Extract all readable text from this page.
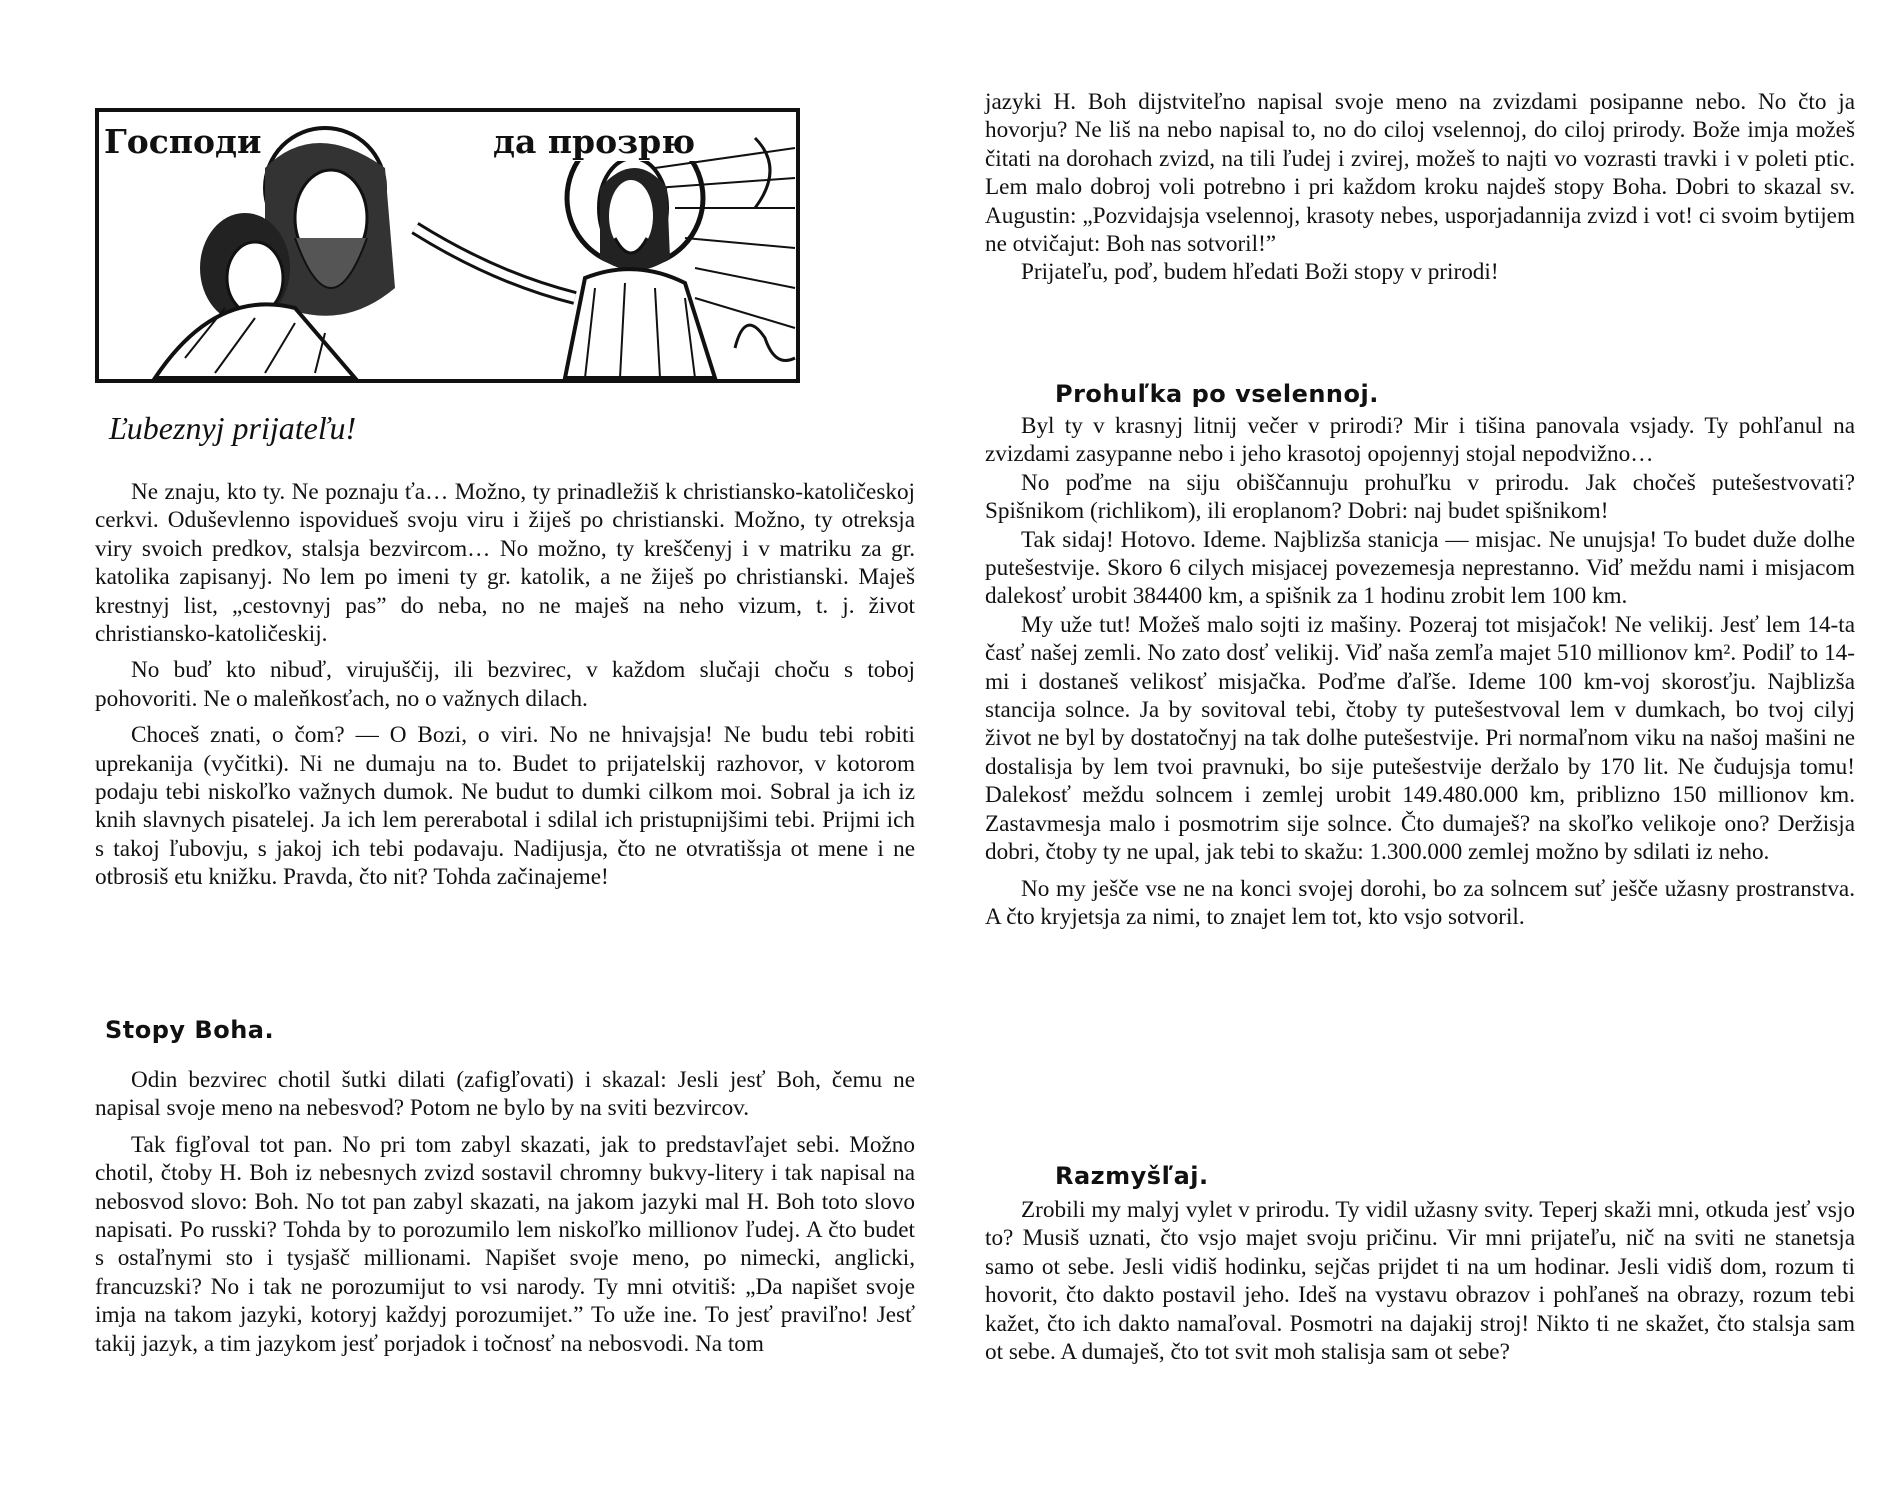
Господи	да прозрю
Ľubeznyj prijateľu!

Ne znaju, kto ty. Ne poznaju ťa… Možno, ty prinadležiš k christiansko-katoličeskoj cerkvi. Oduševlenno ispovidueš svoju viru i žiješ po christianski. Možno, ty otreksja viry svoich predkov, stalsja bezvircom… No možno, ty kreščenyj i v matriku za gr. katolika zapisanyj. No lem po imeni ty gr. katolik, a ne žiješ po christianski. Maješ krestnyj list, „cestovnyj pas” do neba, no ne maješ na neho vizum, t. j. život christiansko-katoličeskij.

No buď kto nibuď, virujuščij, ili bezvirec, v každom slučaji choču s toboj pohovoriti. Ne o maleňkosťach, no o važnych dilach.

Choceš znati, o čom? — O Bozi, o viri. No ne hnivajsja! Ne budu tebi robiti uprekanija (vyčitki). Ni ne dumaju na to. Budet to prijatelskij razhovor, v kotorom podaju tebi niskoľko važnych dumok. Ne budut to dumki cilkom moi. Sobral ja ich iz knih slavnych pisatelej. Ja ich lem pererabotal i sdilal ich pristupnijšimi tebi. Prijmi ich s takoj ľubovju, s jakoj ich tebi podavaju. Nadijusja, čto ne otvratišsja ot mene i ne otbrosiš etu knižku. Pravda, čto nit? Tohda začinajeme!

Stopy Boha.

Odin bezvirec chotil šutki dilati (zafigľovati) i skazal: Jesli jesť Boh, čemu ne napisal svoje meno na nebesvod? Potom ne bylo by na sviti bezvircov.

Tak figľoval tot pan. No pri tom zabyl skazati, jak to predstavľajet sebi. Možno chotil, čtoby H. Boh iz nebesnych zvizd sostavil chromny bukvy-litery i tak napisal na nebosvod slovo: Boh. No tot pan zabyl skazati, na jakom jazyki mal H. Boh toto slovo napisati. Po russki? Tohda by to porozumilo lem niskoľko millionov ľudej. A čto budet s ostaľnymi sto i tysjašč millionami. Napišet svoje meno, po nimecki, anglicki, francuzski? No i tak ne porozumijut to vsi narody. Ty mni otvitiš: „Da napišet svoje imja na takom jazyki, kotoryj každyj porozumijet.” To uže ine. To jesť praviľno! Jesť takij jazyk, a tim jazykom jesť porjadok i točnosť na nebosvodi. Na tom

jazyki H. Boh dijstviteľno napisal svoje meno na zvizdami posipanne nebo. No čto ja hovorju? Ne liš na nebo napisal to, no do ciloj vselennoj, do ciloj prirody. Bože imja možeš čitati na dorohach zvizd, na tili ľudej i zvirej, možeš to najti vo vozrasti travki i v poleti ptic. Lem malo dobroj voli potrebno i pri každom kroku najdeš stopy Boha. Dobri to skazal sv. Augustin: „Pozvidajsja vselennoj, krasoty nebes, usporjadannija zvizd i vot! ci svoim bytijem ne otvičajut: Boh nas sotvoril!”

Prijateľu, poď, budem hľedati Boži stopy v prirodi!

Prohuľka po vselennoj.

Byl ty v krasnyj litnij večer v prirodi? Mir i tišina panovala vsjady. Ty pohľanul na zvizdami zasypanne nebo i jeho krasotoj opojennyj stojal nepodvižno…

No poďme na siju obiščannuju prohuľku v prirodu. Jak chočeš putešestvovati? Spišnikom (richlikom), ili eroplanom? Dobri: naj budet spišnikom!

Tak sidaj! Hotovo. Ideme. Najblizša stanicja — misjac. Ne unujsja! To budet duže dolhe putešestvije. Skoro 6 cilych misjacej povezemesja neprestanno. Viď meždu nami i misjacom dalekosť urobit 384400 km, a spišnik za 1 hodinu zrobit lem 100 km.

My uže tut! Možeš malo sojti iz mašiny. Pozeraj tot misjačok! Ne velikij. Jesť lem 14-ta časť našej zemli. No zato dosť velikij. Viď naša zemľa majet 510 millionov km². Podiľ to 14-mi i dostaneš velikosť misjačka. Poďme ďaľše. Ideme 100 km-voj skorosťju. Najblizša stancija solnce. Ja by sovitoval tebi, čtoby ty putešestvoval lem v dumkach, bo tvoj cilyj život ne byl by dostatočnyj na tak dolhe putešestvije. Pri normaľnom viku na našoj mašini ne dostalisja by lem tvoi pravnuki, bo sije putešestvije deržalo by 170 lit. Ne čudujsja tomu! Dalekosť meždu solncem i zemlej urobit 149.480.000 km, priblizno 150 millionov km. Zastavmesja malo i posmotrim sije solnce. Čto dumaješ? na skoľko velikoje ono? Deržisja dobri, čtoby ty ne upal, jak tebi to skažu: 1.300.000 zemlej možno by sdilati iz neho.

No my ješče vse ne na konci svojej dorohi, bo za solncem suť ješče užasny prostranstva. A čto kryjetsja za nimi, to znajet lem tot, kto vsjo sotvoril.

Razmyšľaj.

Zrobili my malyj vylet v prirodu. Ty vidil užasny svity. Teperj skaži mni, otkuda jesť vsjo to? Musiš uznati, čto vsjo majet svoju pričinu. Vir mni prijateľu, nič na sviti ne stanetsja samo ot sebe. Jesli vidiš hodinku, sejčas prijdet ti na um hodinar. Jesli vidiš dom, rozum ti hovorit, čto dakto postavil jeho. Ideš na vystavu obrazov i pohľaneš na obrazy, rozum tebi kažet, čto ich dakto namaľoval. Posmotri na dajakij stroj! Nikto ti ne skažet, čto stalsja sam ot sebe. A dumaješ, čto tot svit moh stalisja sam ot sebe?
